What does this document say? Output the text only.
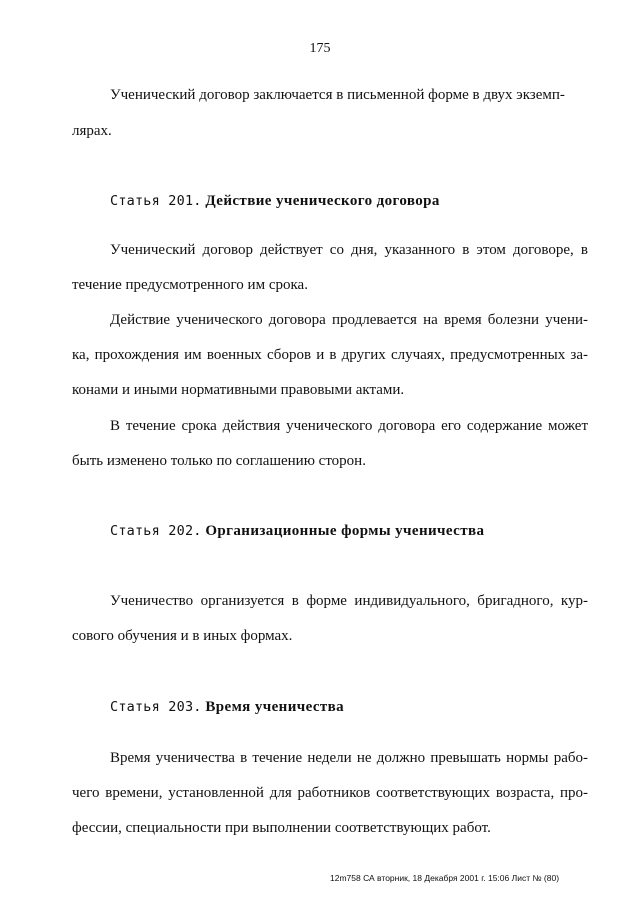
175
Ученический договор заключается в письменной форме в двух экземп-
лярах.
Статья 201. Действие ученического договора
Ученический договор действует со дня, указанного в этом договоре, в
течение предусмотренного им срока.
Действие ученического договора продлевается на время болезни учени-
ка, прохождения им военных сборов и в других случаях, предусмотренных за-
конами и иными нормативными правовыми актами.
В течение срока действия ученического договора его содержание может
быть изменено только по соглашению сторон.
Статья 202. Организационные формы ученичества
Ученичество организуется в форме индивидуального, бригадного, кур-
сового обучения и в иных формах.
Статья 203. Время ученичества
Время ученичества в течение недели не должно превышать нормы рабо-
чего времени, установленной для работников соответствующих возраста, про-
фессии, специальности при выполнении соответствующих работ.
12m758 СА вторник, 18 Декабря 2001 г. 15:06 Лист № (80)
